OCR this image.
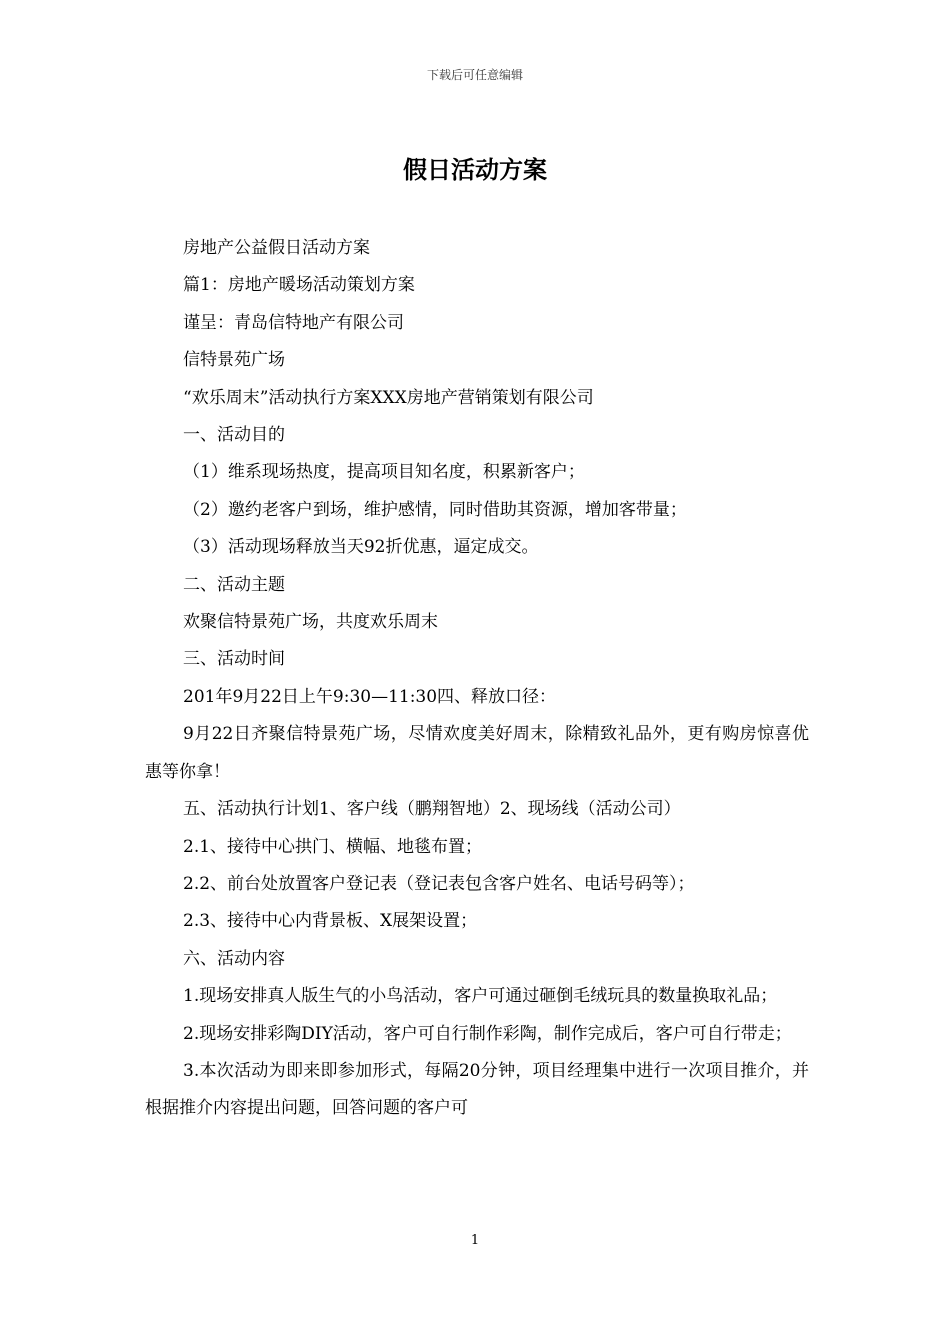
下载后可任意编辑
假日活动方案

房地产公益假日活动方案

篇1：房地产暖场活动策划方案

谨呈：青岛信特地产有限公司

信特景苑广场

“欢乐周末”活动执行方案XXX房地产营销策划有限公司

一、活动目的

（1）维系现场热度，提高项目知名度，积累新客户；

（2）邀约老客户到场，维护感情，同时借助其资源，增加客带量；

（3）活动现场释放当天92折优惠，逼定成交。

二、活动主题

欢聚信特景苑广场，共度欢乐周末

三、活动时间

201年9月22日上午9:30—11:30四、释放口径：

9月22日齐聚信特景苑广场，尽情欢度美好周末，除精致礼品外，更有购房惊喜优惠等你拿！

五、活动执行计划1、客户线（鹏翔智地）2、现场线（活动公司）

2.1、接待中心拱门、横幅、地毯布置；

2.2、前台处放置客户登记表（登记表包含客户姓名、电话号码等）；

2.3、接待中心内背景板、X展架设置；

六、活动内容

1.现场安排真人版生气的小鸟活动，客户可通过砸倒毛绒玩具的数量换取礼品；

2.现场安排彩陶DIY活动，客户可自行制作彩陶，制作完成后，客户可自行带走；

3.本次活动为即来即参加形式，每隔20分钟，项目经理集中进行一次项目推介，并根据推介内容提出问题，回答问题的客户可

1
